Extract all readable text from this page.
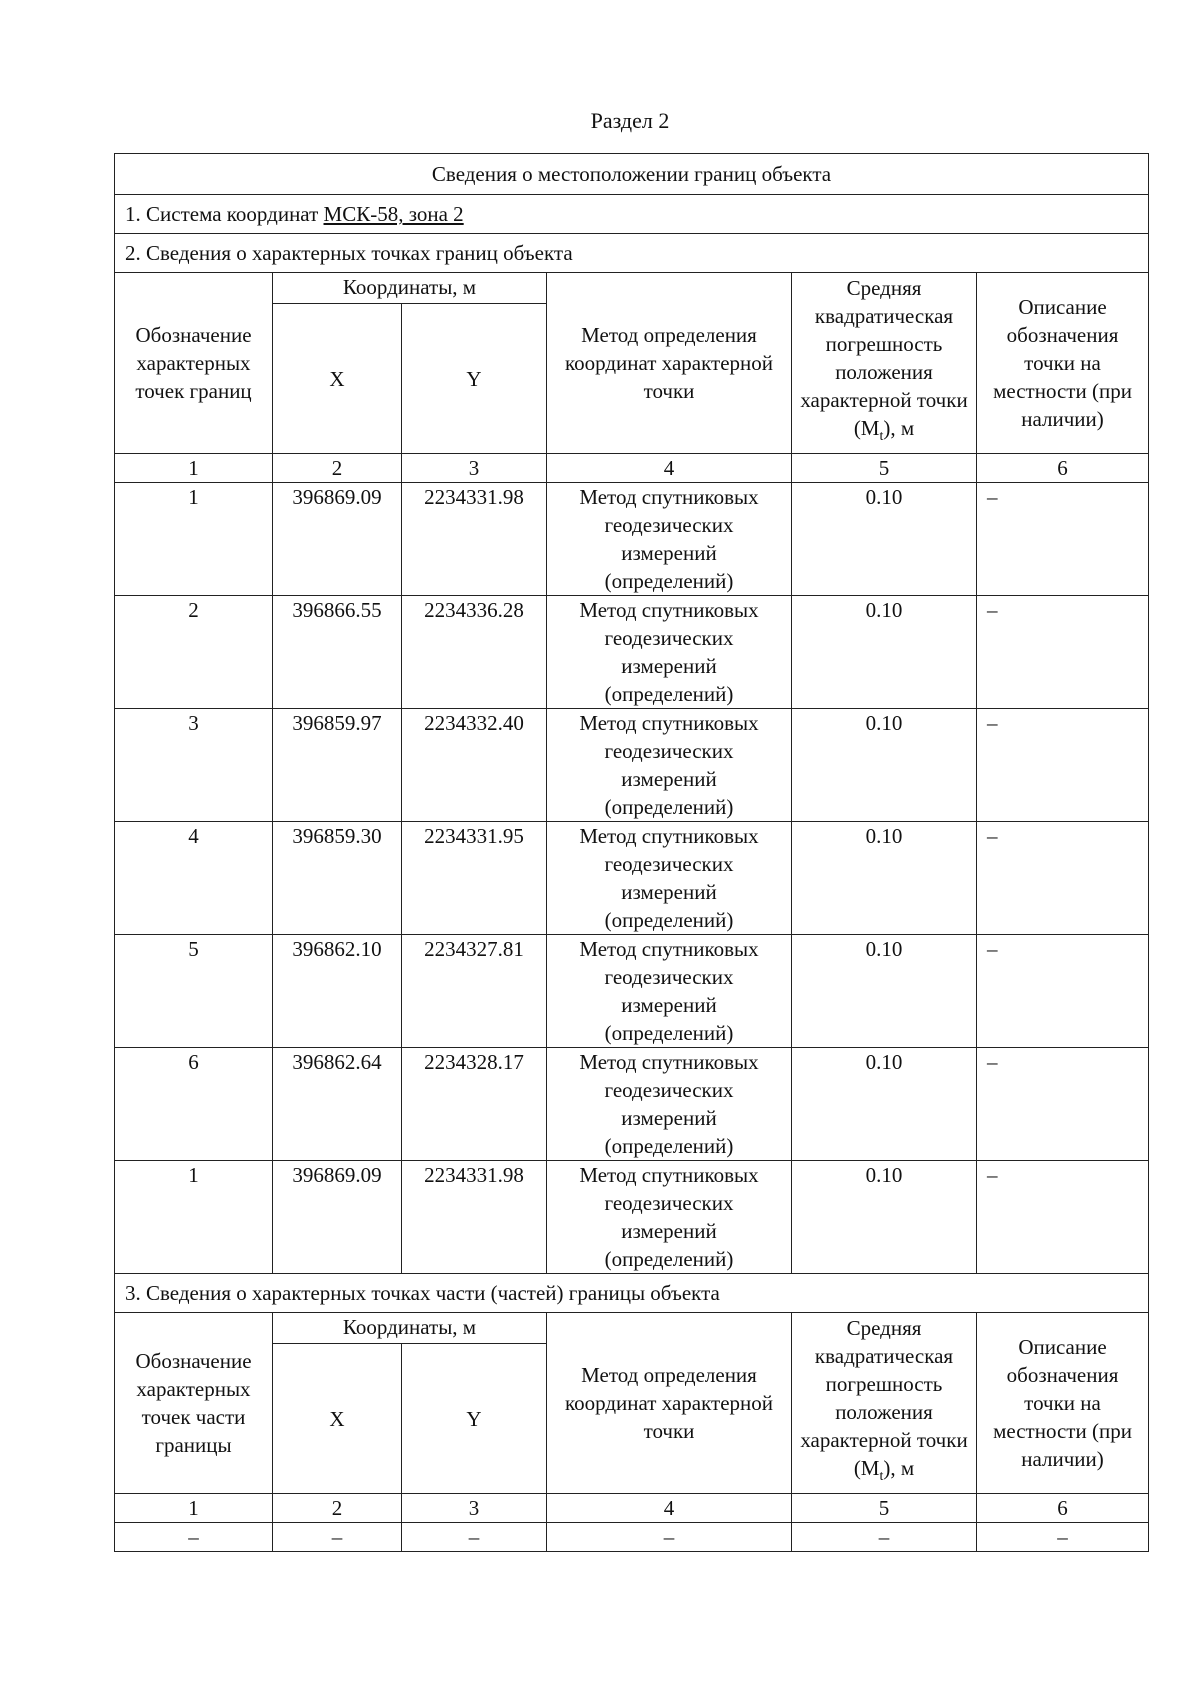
Раздел 2
Сведения о местоположении границ объекта					
1. Система координат МСК-58, зона 2					
2. Сведения о характерных точках границ объекта					
Обозначение характерных точек границ	Координаты, м		Метод определения координат характерной точки	Средняя квадратическая погрешность положения характерной точки $(M_t)$, м	Описание обозначения точки на местности (при наличии)
	X	Y			
1	2	3	4	5	6
1	396869.09	2234331.98	Метод спутниковых геодезических измерений (определений)	0.10	–
2	396866.55	2234336.28	Метод спутниковых геодезических измерений (определений)	0.10	–
3	396859.97	2234332.40	Метод спутниковых геодезических измерений (определений)	0.10	–
4	396859.30	2234331.95	Метод спутниковых геодезических измерений (определений)	0.10	–
5	396862.10	2234327.81	Метод спутниковых геодезических измерений (определений)	0.10	–
6	396862.64	2234328.17	Метод спутниковых геодезических измерений (определений)	0.10	–
1	396869.09	2234331.98	Метод спутниковых геодезических измерений (определений)	0.10	–
3. Сведения о характерных точках части (частей) границы объекта					
Обозначение характерных точек части границы	Координаты, м		Метод определения координат характерной точки	Средняя квадратическая погрешность положения характерной точки $(M_t)$, м	Описание обозначения точки на местности (при наличии)
	X	Y			
1	2	3	4	5	6
–	–	–	–	–	–
